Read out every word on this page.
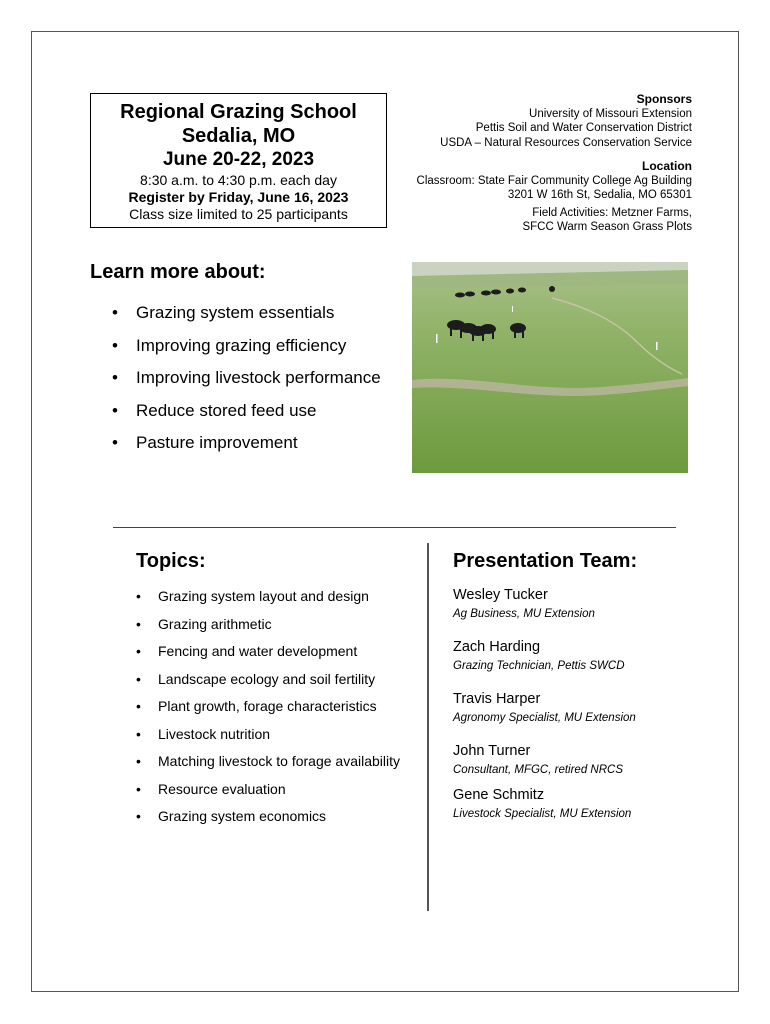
Regional Grazing School
Sedalia, MO
June 20-22, 2023
8:30 a.m. to 4:30 p.m. each day
Register by Friday, June 16, 2023
Class size limited to 25 participants
Sponsors
University of Missouri Extension
Pettis Soil and Water Conservation District
USDA – Natural Resources Conservation Service
Location
Classroom: State Fair Community College Ag Building
3201 W 16th St, Sedalia, MO 65301
Field Activities: Metzner Farms,
SFCC Warm Season Grass Plots
Learn more about:
• Grazing system essentials
• Improving grazing efficiency
• Improving livestock performance
• Reduce stored feed use
• Pasture improvement
Topics:
• Grazing system layout and design
• Grazing arithmetic
• Fencing and water development
• Landscape ecology and soil fertility
• Plant growth, forage characteristics
• Livestock nutrition
• Matching livestock to forage availability
• Resource evaluation
• Grazing system economics
Presentation Team:
Wesley Tucker
Ag Business, MU Extension
Zach Harding
Grazing Technician, Pettis SWCD
Travis Harper
Agronomy Specialist, MU Extension
John Turner
Consultant, MFGC, retired NRCS
Gene Schmitz
Livestock Specialist, MU Extension
